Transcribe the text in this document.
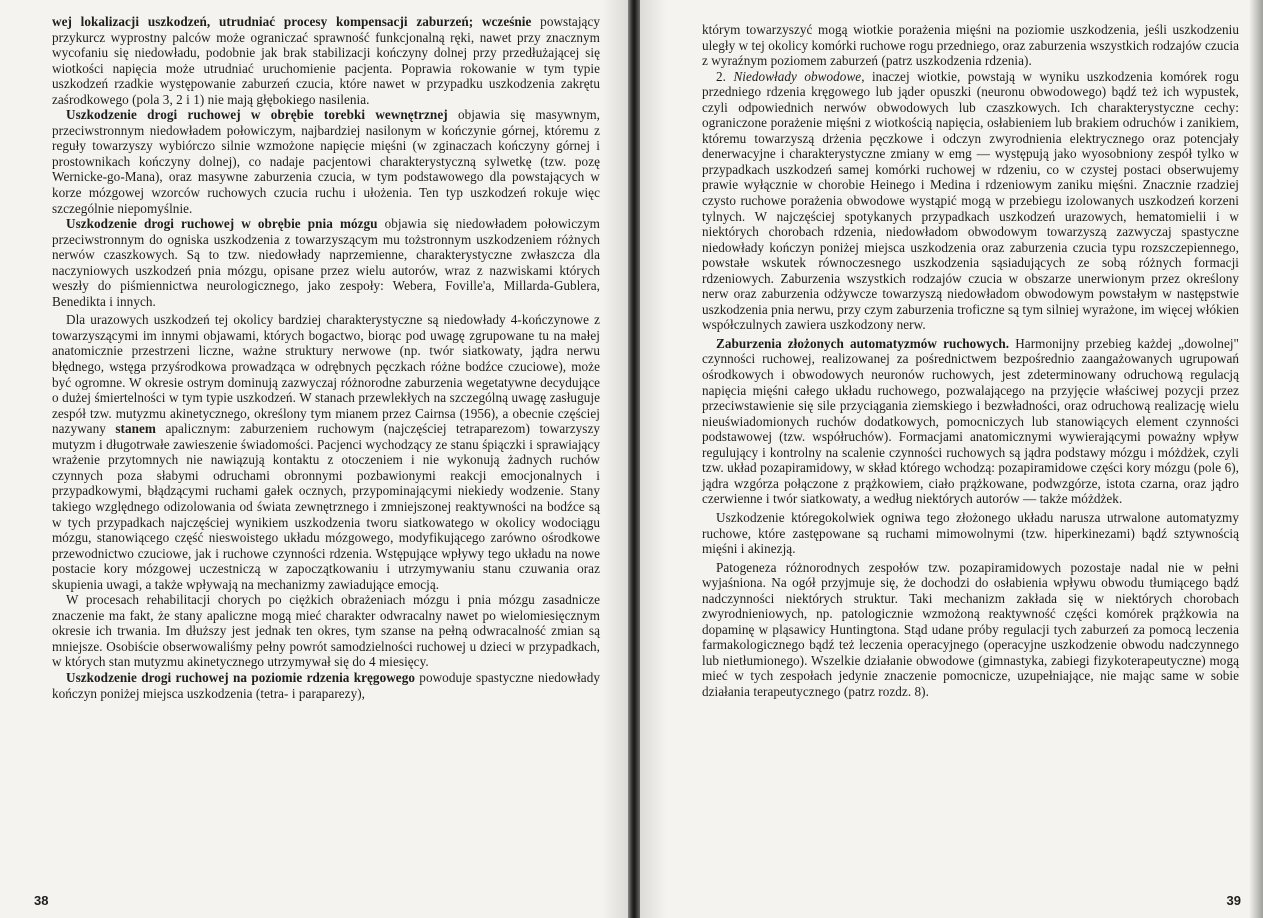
wej lokalizacji uszkodzeń, utrudniać procesy kompensacji zaburzeń; wcześnie powstający przykurcz wyprostny palców może ograniczać sprawność funkcjonalną ręki, nawet przy znacznym wycofaniu się niedowładu, podobnie jak brak stabilizacji kończyny dolnej przy przedłużającej się wiotkości napięcia może utrudniać uruchomienie pacjenta. Poprawia rokowanie w tym typie uszkodzeń rzadkie występowanie zaburzeń czucia, które nawet w przypadku uszkodzenia zakrętu zaśrodkowego (pola 3, 2 i 1) nie mają głębokiego nasilenia.

Uszkodzenie drogi ruchowej w obrębie torebki wewnętrznej objawia się masywnym, przeciwstronnym niedowładem połowiczym, najbardziej nasilonym w kończynie górnej, któremu z reguły towarzyszy wybiórczo silnie wzmożone napięcie mięśni (w zginaczach kończyny górnej i prostownikach kończyny dolnej), co nadaje pacjentowi charakterystyczną sylwetkę (tzw. pozę Wernicke-go-Mana), oraz masywne zaburzenia czucia, w tym podstawowego dla powstających w korze mózgowej wzorców ruchowych czucia ruchu i ułożenia. Ten typ uszkodzeń rokuje więc szczególnie niepomyślnie.

Uszkodzenie drogi ruchowej w obrębie pnia mózgu objawia się niedowładem połowiczym przeciwstronnym do ogniska uszkodzenia z towarzyszącym mu tożstronnym uszkodzeniem różnych nerwów czaszkowych. Są to tzw. niedowłady naprzemienne, charakterystyczne zwłaszcza dla naczyniowych uszkodzeń pnia mózgu, opisane przez wielu autorów, wraz z nazwiskami których weszły do piśmiennictwa neurologicznego, jako zespoły: Webera, Foville'a, Millarda-Gublera, Benedikta i innych.

Dla urazowych uszkodzeń tej okolicy bardziej charakterystyczne są niedowłady 4-kończynowe z towarzyszącymi im innymi objawami, których bogactwo, biorąc pod uwagę zgrupowane tu na małej anatomicznie przestrzeni liczne, ważne struktury nerwowe (np. twór siatkowaty, jądra nerwu błędnego, wstęga przyśrodkowa prowadząca w odrębnych pęczkach różne bodźce czuciowe), może być ogromne. W okresie ostrym dominują zazwyczaj różnorodne zaburzenia wegetatywne decydujące o dużej śmiertelności w tym typie uszkodzeń. W stanach przewlekłych na szczególną uwagę zasługuje zespół tzw. mutyzmu akinetycznego, określony tym mianem przez Cairnsa (1956), a obecnie częściej nazywany stanem apalicznym: zaburzeniem ruchowym (najczęściej tetraparezom) towarzyszy mutyzm i długotrwałe zawieszenie świadomości. Pacjenci wychodzący ze stanu śpiączki i sprawiający wrażenie przytomnych nie nawiązują kontaktu z otoczeniem i nie wykonują żadnych ruchów czynnych poza słabymi odruchami obronnymi pozbawionymi reakcji emocjonalnych i przypadkowymi, błądzącymi ruchami gałek ocznych, przypominającymi niekiedy wodzenie. Stany takiego względnego odizolowania od świata zewnętrznego i zmniejszonej reaktywności na bodźce są w tych przypadkach najczęściej wynikiem uszkodzenia tworu siatkowatego w okolicy wodociągu mózgu, stanowiącego część nieswoistego układu mózgowego, modyfikującego zarówno ośrodkowe przewodnictwo czuciowe, jak i ruchowe czynności rdzenia. Wstępujące wpływy tego układu na nowe postacie kory mózgowej uczestniczą w zapoczątkowaniu i utrzymywaniu stanu czuwania oraz skupienia uwagi, a także wpływają na mechanizmy zawiadujące emocją.

W procesach rehabilitacji chorych po ciężkich obrażeniach mózgu i pnia mózgu zasadnicze znaczenie ma fakt, że stany apaliczne mogą mieć charakter odwracalny nawet po wielomiesięcznym okresie ich trwania. Im dłuższy jest jednak ten okres, tym szanse na pełną odwracalność zmian są mniejsze. Osobiście obserwowaliśmy pełny powrót samodzielności ruchowej u dzieci w przypadkach, w których stan mutyzmu akinetycznego utrzymywał się do 4 miesięcy.

Uszkodzenie drogi ruchowej na poziomie rdzenia kręgowego powoduje spastyczne niedowłady kończyn poniżej miejsca uszkodzenia (tetra- i paraparezy),

38

którym towarzyszyć mogą wiotkie porażenia mięśni na poziomie uszkodzenia, jeśli uszkodzeniu uległy w tej okolicy komórki ruchowe rogu przedniego, oraz zaburzenia wszystkich rodzajów czucia z wyraźnym poziomem zaburzeń (patrz uszkodzenia rdzenia).

2. Niedowłady obwodowe, inaczej wiotkie, powstają w wyniku uszkodzenia komórek rogu przedniego rdzenia kręgowego lub jąder opuszki (neuronu obwodowego) bądź też ich wypustek, czyli odpowiednich nerwów obwodowych lub czaszkowych. Ich charakterystyczne cechy: ograniczone porażenie mięśni z wiotkością napięcia, osłabieniem lub brakiem odruchów i zanikiem, któremu towarzyszą drżenia pęczkowe i odczyn zwyrodnienia elektrycznego oraz potencjały denerwacyjne i charakterystyczne zmiany w emg — występują jako wyosobniony zespół tylko w przypadkach uszkodzeń samej komórki ruchowej w rdzeniu, co w czystej postaci obserwujemy prawie wyłącznie w chorobie Heinego i Medina i rdzeniowym zaniku mięśni. Znacznie rzadziej czysto ruchowe porażenia obwodowe wystąpić mogą w przebiegu izolowanych uszkodzeń korzeni tylnych. W najczęściej spotykanych przypadkach uszkodzeń urazowych, hematomielii i w niektórych chorobach rdzenia, niedowładom obwodowym towarzyszą zazwyczaj spastyczne niedowłady kończyn poniżej miejsca uszkodzenia oraz zaburzenia czucia typu rozszczepiennego, powstałe wskutek równoczesnego uszkodzenia sąsiadujących ze sobą różnych formacji rdzeniowych. Zaburzenia wszystkich rodzajów czucia w obszarze unerwionym przez określony nerw oraz zaburzenia odżywcze towarzyszą niedowładom obwodowym powstałym w następstwie uszkodzenia pnia nerwu, przy czym zaburzenia troficzne są tym silniej wyrażone, im więcej włókien współczulnych zawiera uszkodzony nerw.

Zaburzenia złożonych automatyzmów ruchowych. Harmonijny przebieg każdej „dowolnej" czynności ruchowej, realizowanej za pośrednictwem bezpośrednio zaangażowanych ugrupowań ośrodkowych i obwodowych neuronów ruchowych, jest zdeterminowany odruchową regulacją napięcia mięśni całego układu ruchowego, pozwalającego na przyjęcie właściwej pozycji przez przeciwstawienie się sile przyciągania ziemskiego i bezwładności, oraz odruchową realizację wielu nieuświadomionych ruchów dodatkowych, pomocniczych lub stanowiących element czynności podstawowej (tzw. współruchów). Formacjami anatomicznymi wywierającymi poważny wpływ regulujący i kontrolny na scalenie czynności ruchowych są jądra podstawy mózgu i móżdżek, czyli tzw. układ pozapiramidowy, w skład którego wchodzą: pozapiramidowe części kory mózgu (pole 6), jądra wzgórza połączone z prążkowiem, ciało prążkowane, podwzgórze, istota czarna, oraz jądro czerwienne i twór siatkowaty, a według niektórych autorów — także móżdżek.

Uszkodzenie któregokolwiek ogniwa tego złożonego układu narusza utrwalone automatyzmy ruchowe, które zastępowane są ruchami mimowolnymi (tzw. hiperkinezami) bądź sztywnością mięśni i akinezją.

Patogeneza różnorodnych zespołów tzw. pozapiramidowych pozostaje nadal nie w pełni wyjaśniona. Na ogół przyjmuje się, że dochodzi do osłabienia wpływu obwodu tłumiącego bądź nadczynności niektórych struktur. Taki mechanizm zakłada się w niektórych chorobach zwyrodnieniowych, np. patologicznie wzmożoną reaktywność części komórek prążkowia na dopaminę w pląsawicy Huntingtona. Stąd udane próby regulacji tych zaburzeń za pomocą leczenia farmakologicznego bądź też leczenia operacyjnego (operacyjne uszkodzenie obwodu nadczynnego lub nietłumionego). Wszelkie działanie obwodowe (gimnastyka, zabiegi fizykoterapeutyczne) mogą mieć w tych zespołach jedynie znaczenie pomocnicze, uzupełniające, nie mając same w sobie działania terapeutycznego (patrz rozdz. 8).

39
